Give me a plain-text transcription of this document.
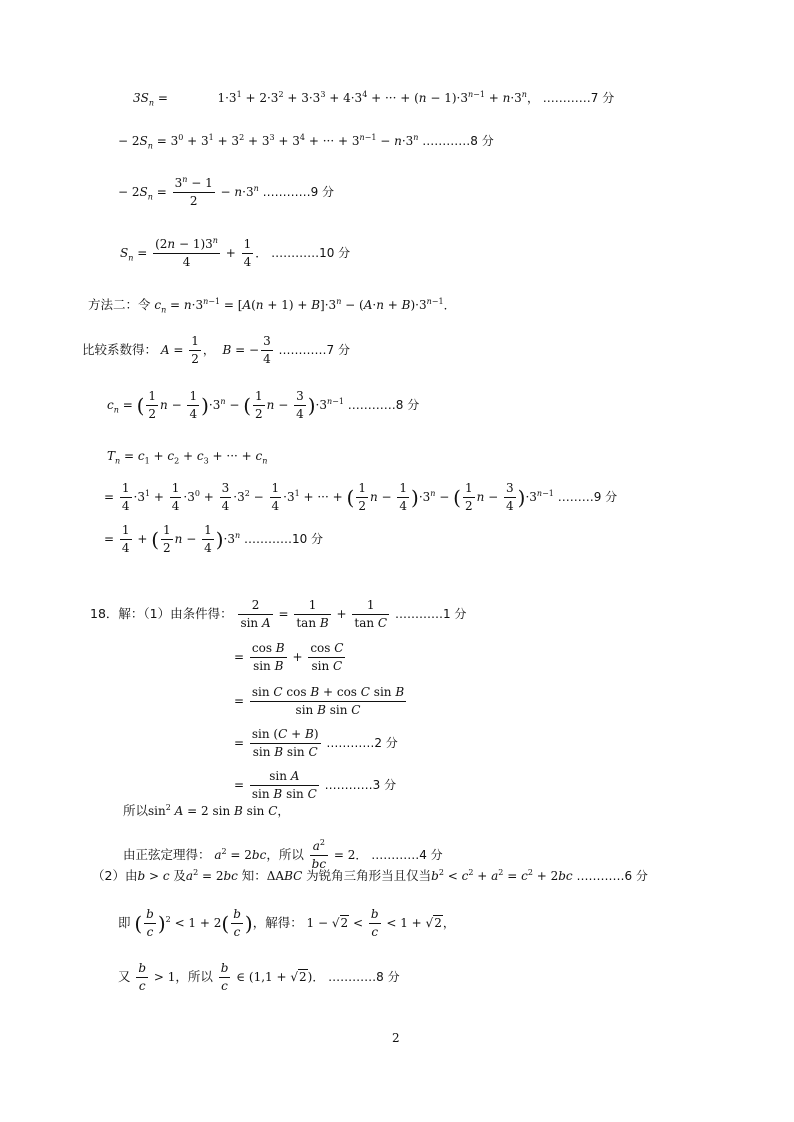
$3S_n$ =             $1\cdot 3^1 + 2\cdot 3^2 + 3\cdot 3^3 + 4\cdot 3^4$ + ··· + $(n - 1)\cdot 3^{n-1} + n\cdot 3^n$， …………7 分
− $2S_n = 3^0 + 3^1 + 3^2 + 3^3 + 3^4$ + ··· + $3^{n-1} - n\cdot 3^n$ …………8 分
− $2S_n = \frac{3^n - 1}{2} - n\cdot 3^n$ …………9 分
$S_n = \frac{(2n - 1)3^n}{4} + \frac{1}{4}$ ． …………10 分
方法二：令 $c_n = n\cdot 3^{n-1} = [A(n + 1) + B]\cdot 3^n - (A\cdot n + B)\cdot 3^{n-1}$．
比较系数得： $A = \frac{1}{2}$ ，  B = − $\frac{3}{4}$ …………7 分
$c_n$ = ( $\frac{1}{2}$ $n - \frac{1}{4} )\cdot 3^n$ − ( $\frac{1}{2}$ $n - \frac{3}{4} )\cdot 3^{n-1}$ …………8 分
$T_n = c_1 + c_2 + c_3$ + ··· + $c_n$
= $\frac{1}{4} \cdot 3^1 + \frac{1}{4} \cdot 3^0 + \frac{3}{4} \cdot 3^2 - \frac{1}{4} \cdot 3^1$ + ··· + ( $\frac{1}{2}$ $n - \frac{1}{4} )\cdot 3^n$ − ( $\frac{1}{2}$ $n - \frac{3}{4} )\cdot 3^{n-1}$ ………9 分
= $\frac{1}{4}$ + ( $\frac{1}{2}$ $n - \frac{1}{4} )\cdot 3^n$ …………10 分
18．解：（1）由条件得： $\frac{2}{\text{sin A}} = \frac{1}{\text{tan B}} + \frac{1}{\text{tan C}}$ …………1 分
= $\frac{\text{cos B}}{\text{sin B}} + \frac{\text{cos C}}{\text{sin C}}$
= $\frac{\text{sin C cos B + cos C sin B}}{\text{sin B sin C}}$
= $\frac{\sin (C + B)}{\text{sin B sin C}}$ …………2 分
= $\frac{\text{sin A}}{\text{sin B sin C}}$ …………3 分
所以$\sin^2 A = 2$ sin B sin C，
由正弦定理得： $a^2 = 2bc$，所以 $\frac{a^2}{bc} = 2$． …………4 分
（2）由b > c 及$a^2 = 2bc$ 知：ΔABC 为锐角三角形当且仅当$b^2 < c^2 + a^2 = c^2 + 2bc$ …………6 分
即 ( $\frac{b}{c} )^2 < 1 + 2( \frac{b}{c}$ )，解得： $1 - √2 < \frac{b}{c} < 1 + √2$，
又 $\frac{b}{c} > 1$，所以 $\frac{b}{c}$ ∈ (1,1 + √2)． …………8 分
2
